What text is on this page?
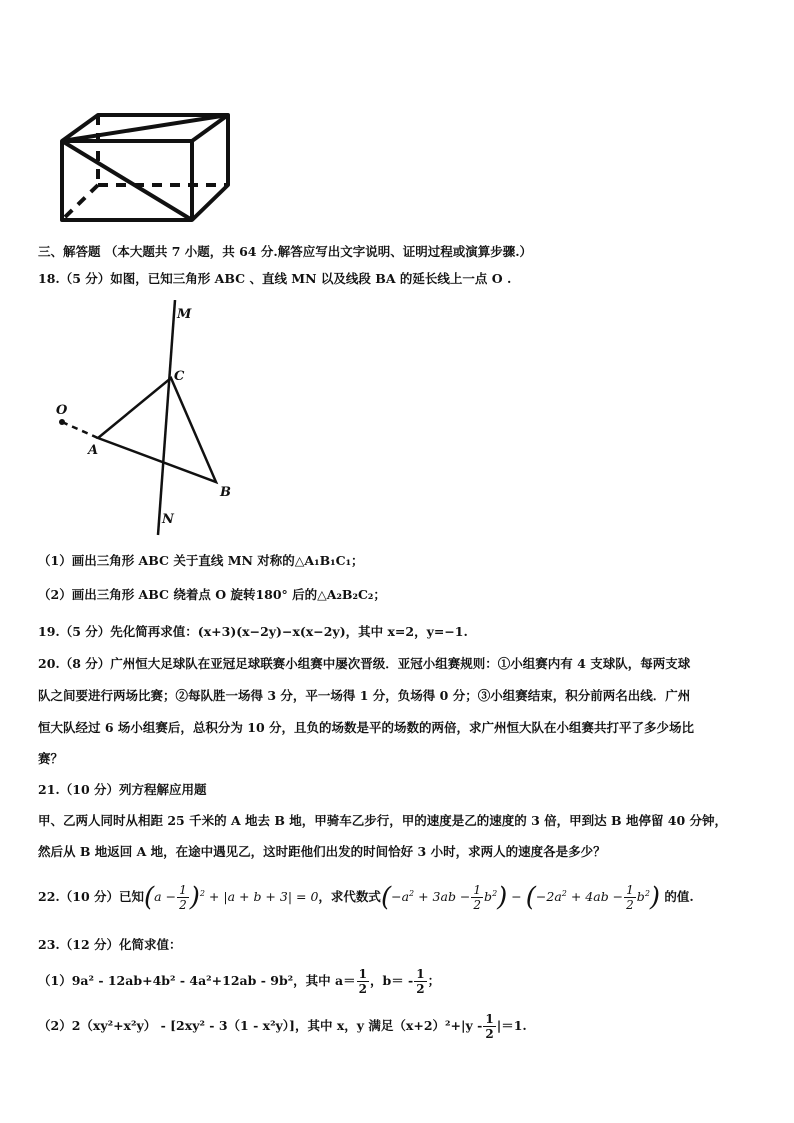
三、解答题 （本大题共 7 小题，共 64 分.解答应写出文字说明、证明过程或演算步骤.）
18.（5 分）如图，已知三角形 ABC 、直线 MN 以及线段 BA 的延长线上一点 O .
M
C
O
A
B
N
（1）画出三角形 ABC 关于直线 MN 对称的△A₁B₁C₁；
（2）画出三角形 ABC 绕着点 O 旋转180° 后的△A₂B₂C₂；
19.（5 分）先化简再求值：(x+3)(x−2y)−x(x−2y)，其中 x=2，y=−1.
20.（8 分）广州恒大足球队在亚冠足球联赛小组赛中屡次晋级．亚冠小组赛规则：①小组赛内有 4 支球队，每两支球
队之间要进行两场比赛；②每队胜一场得 3 分，平一场得 1 分，负场得 0 分；③小组赛结束，积分前两名出线．广州
恒大队经过 6 场小组赛后，总积分为 10 分，且负的场数是平的场数的两倍，求广州恒大队在小组赛共打平了多少场比
赛？
21.（10 分）列方程解应用题
甲、乙两人同时从相距 25 千米的 A 地去 B 地，甲骑车乙步行，甲的速度是乙的速度的 3 倍，甲到达 B 地停留 40 分钟，
然后从 B 地返回 A 地，在途中遇见乙，这时距他们出发的时间恰好 3 小时，求两人的速度各是多少？
22.（10 分）已知$(a - \frac{1}{2} )^2 + |a + b + 3| = 0$，求代数式$(-a^2 + 3ab - \frac{1}{2} b^2) - (-2a^2 + 4ab - \frac{1}{2} b^2)$ 的值.
23.（12 分）化简求值：
（1）9a² - 12ab+4b² - 4a²+12ab - 9b²，其中 $a= \frac{1}{2}$ ，$b= - \frac{1}{2}$ ；
（2）2（xy²+x²y） - [2xy² - 3（1 - x²y）]，其中 x，y 满足$(x+2)^2+|y - \frac{1}{2} |=1$.
